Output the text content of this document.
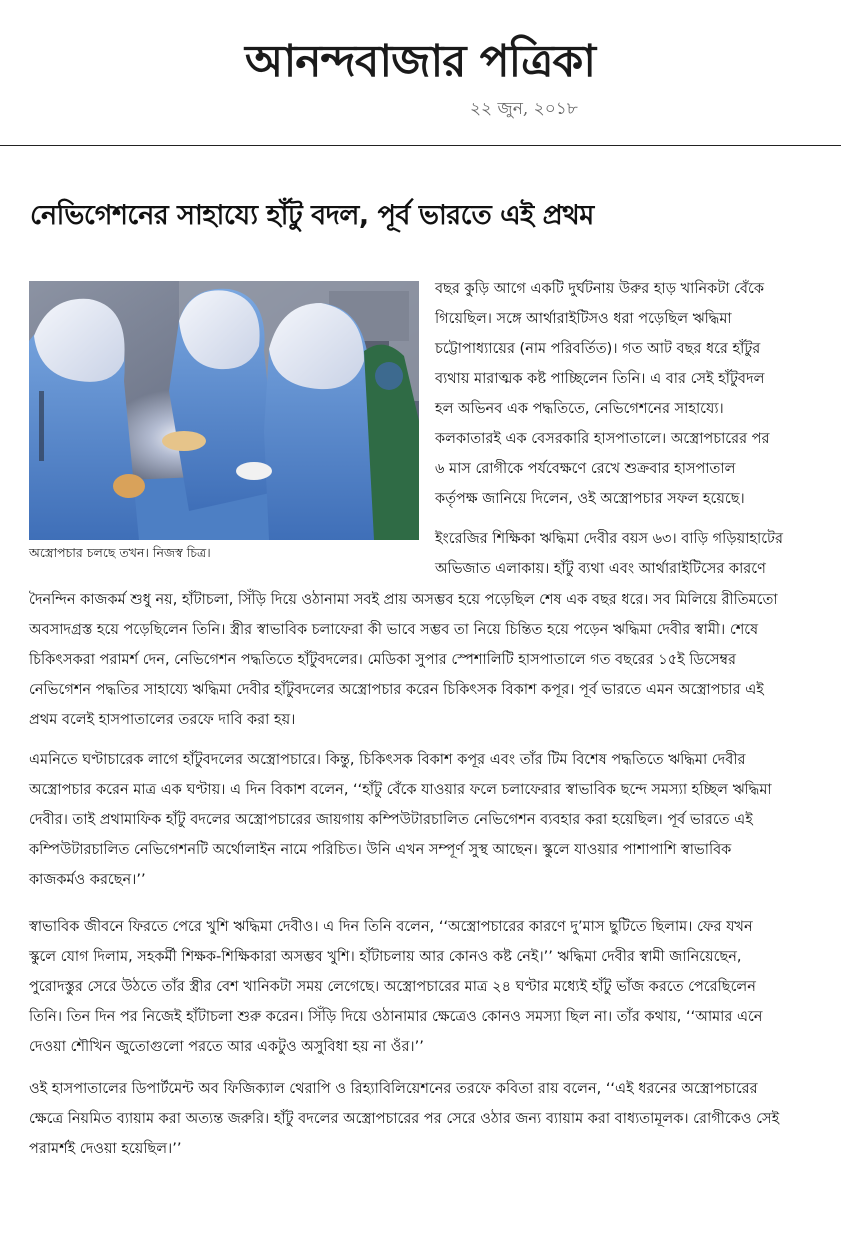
আনন্দবাজার পত্রিকা
২২ জুন, ২০১৮
নেভিগেশনের সাহায্যে হাঁটু বদল, পূর্ব ভারতে এই প্রথম
অস্ত্রোপচার চলছে তখন। নিজস্ব চিত্র।
বছর কুড়ি আগে একটি দুর্ঘটনায় উরুর হাড় খানিকটা বেঁকে
গিয়েছিল। সঙ্গে আর্থারাইটিসও ধরা পড়েছিল ঋদ্ধিমা
চট্টোপাধ্যায়ের (নাম পরিবর্তিত)। গত আট বছর ধরে হাঁটুর
ব্যথায় মারাত্মক কষ্ট পাচ্ছিলেন তিনি। এ বার সেই হাঁটুবদল
হল অভিনব এক পদ্ধতিতে, নেভিগেশনের সাহায্যে।
কলকাতারই এক বেসরকারি হাসপাতালে। অস্ত্রোপচারের পর
৬ মাস রোগীকে পর্যবেক্ষণে রেখে শুক্রবার হাসপাতাল
কর্তৃপক্ষ জানিয়ে দিলেন, ওই অস্ত্রোপচার সফল হয়েছে।
ইংরেজির শিক্ষিকা ঋদ্ধিমা দেবীর বয়স ৬৩। বাড়ি গড়িয়াহাটের
অভিজাত এলাকায়। হাঁটু ব্যথা এবং আর্থারাইটিসের কারণে
দৈনন্দিন কাজকর্ম শুধু নয়, হাঁটাচলা, সিঁড়ি দিয়ে ওঠানামা সবই প্রায় অসম্ভব হয়ে পড়েছিল শেষ এক বছর ধরে। সব মিলিয়ে রীতিমতো
অবসাদগ্রস্ত হয়ে পড়েছিলেন তিনি। স্ত্রীর স্বাভাবিক চলাফেরা কী ভাবে সম্ভব তা নিয়ে চিন্তিত হয়ে পড়েন ঋদ্ধিমা দেবীর স্বামী। শেষে
চিকিৎসকরা পরামর্শ দেন, নেভিগেশন পদ্ধতিতে হাঁটুবদলের। মেডিকা সুপার স্পেশালিটি হাসপাতালে গত বছরের ১৫ই ডিসেম্বর
নেভিগেশন পদ্ধতির সাহায্যে ঋদ্ধিমা দেবীর হাঁটুবদলের অস্ত্রোপচার করেন চিকিৎসক বিকাশ কপূর। পূর্ব ভারতে এমন অস্ত্রোপচার এই
প্রথম বলেই হাসপাতালের তরফে দাবি করা হয়।
এমনিতে ঘণ্টাচারেক লাগে হাঁটুবদলের অস্ত্রোপচারে। কিন্তু, চিকিৎসক বিকাশ কপূর এবং তাঁর টিম বিশেষ পদ্ধতিতে ঋদ্ধিমা দেবীর
অস্ত্রোপচার করেন মাত্র এক ঘণ্টায়। এ দিন বিকাশ বলেন, ‘‘হাঁটু বেঁকে যাওয়ার ফলে চলাফেরার স্বাভাবিক ছন্দে সমস্যা হচ্ছিল ঋদ্ধিমা
দেবীর। তাই প্রথামাফিক হাঁটু বদলের অস্ত্রোপচারের জায়গায় কম্পিউটারচালিত নেভিগেশন ব্যবহার করা হয়েছিল। পূর্ব ভারতে এই
কম্পিউটারচালিত নেভিগেশনটি অর্থোলাইন নামে পরিচিত। উনি এখন সম্পূর্ণ সুস্থ আছেন। স্কুলে যাওয়ার পাশাপাশি স্বাভাবিক
কাজকর্মও করছেন।’’
স্বাভাবিক জীবনে ফিরতে পেরে খুশি ঋদ্ধিমা দেবীও। এ দিন তিনি বলেন, ‘‘অস্ত্রোপচারের কারণে দু’মাস ছুটিতে ছিলাম। ফের যখন
স্কুলে যোগ দিলাম, সহকর্মী শিক্ষক-শিক্ষিকারা অসম্ভব খুশি। হাঁটাচলায় আর কোনও কষ্ট নেই।’’ ঋদ্ধিমা দেবীর স্বামী জানিয়েছেন,
পুরোদস্তুর সেরে উঠতে তাঁর স্ত্রীর বেশ খানিকটা সময় লেগেছে। অস্ত্রোপচারের মাত্র ২৪ ঘণ্টার মধ্যেই হাঁটু ভাঁজ করতে পেরেছিলেন
তিনি। তিন দিন পর নিজেই হাঁটাচলা শুরু করেন। সিঁড়ি দিয়ে ওঠানামার ক্ষেত্রেও কোনও সমস্যা ছিল না। তাঁর কথায়, ‘‘আমার এনে
দেওয়া শৌখিন জুতোগুলো পরতে আর একটুও অসুবিধা হয় না ওঁর।’’
ওই হাসপাতালের ডিপার্টমেন্ট অব ফিজিক্যাল থেরাপি ও রিহ্যাবিলিয়েশনের তরফে কবিতা রায় বলেন, ‘‘এই ধরনের অস্ত্রোপচারের
ক্ষেত্রে নিয়মিত ব্যায়াম করা অত্যন্ত জরুরি। হাঁটু বদলের অস্ত্রোপচারের পর সেরে ওঠার জন্য ব্যায়াম করা বাধ্যতামূলক। রোগীকেও সেই
পরামর্শই দেওয়া হয়েছিল।’’
